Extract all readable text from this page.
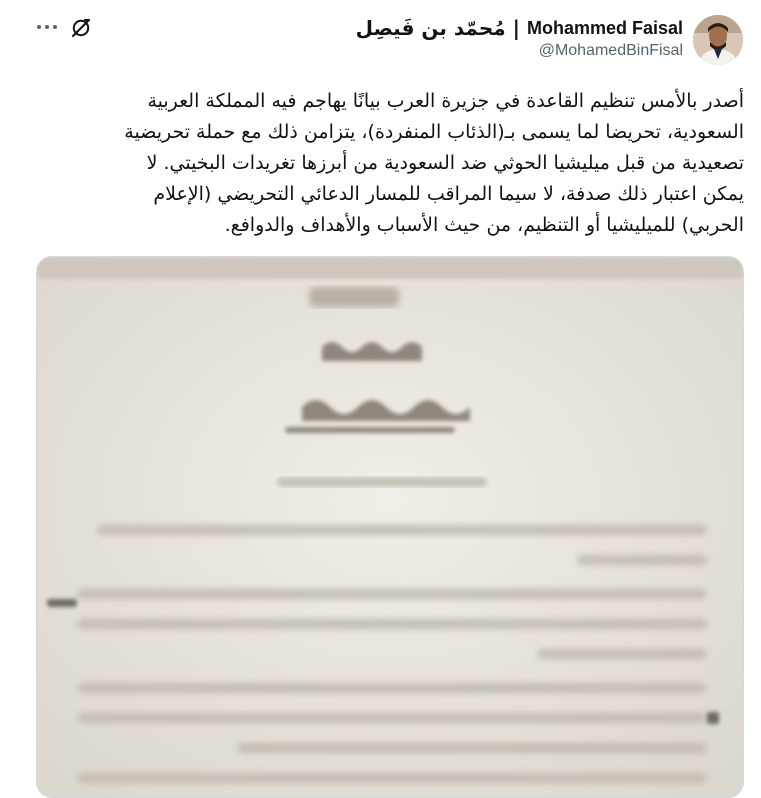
مُحمّد بن فَيصِل | Mohammed Faisal
@MohamedBinFisal
أصدر بالأمس تنظيم القاعدة في جزيرة العرب بيانًا يهاجم فيه المملكة العربية
السعودية، تحريضا لما يسمى بـ(الذئاب المنفردة)، يتزامن ذلك مع حملة تحريضية
تصعيدية من قبل ميليشيا الحوثي ضد السعودية من أبرزها تغريدات البخيتي. لا
يمكن اعتبار ذلك صدفة، لا سيما المراقب للمسار الدعائي التحريضي (الإعلام
الحربي) للميليشيا أو التنظيم، من حيث الأسباب والأهداف والدوافع.
